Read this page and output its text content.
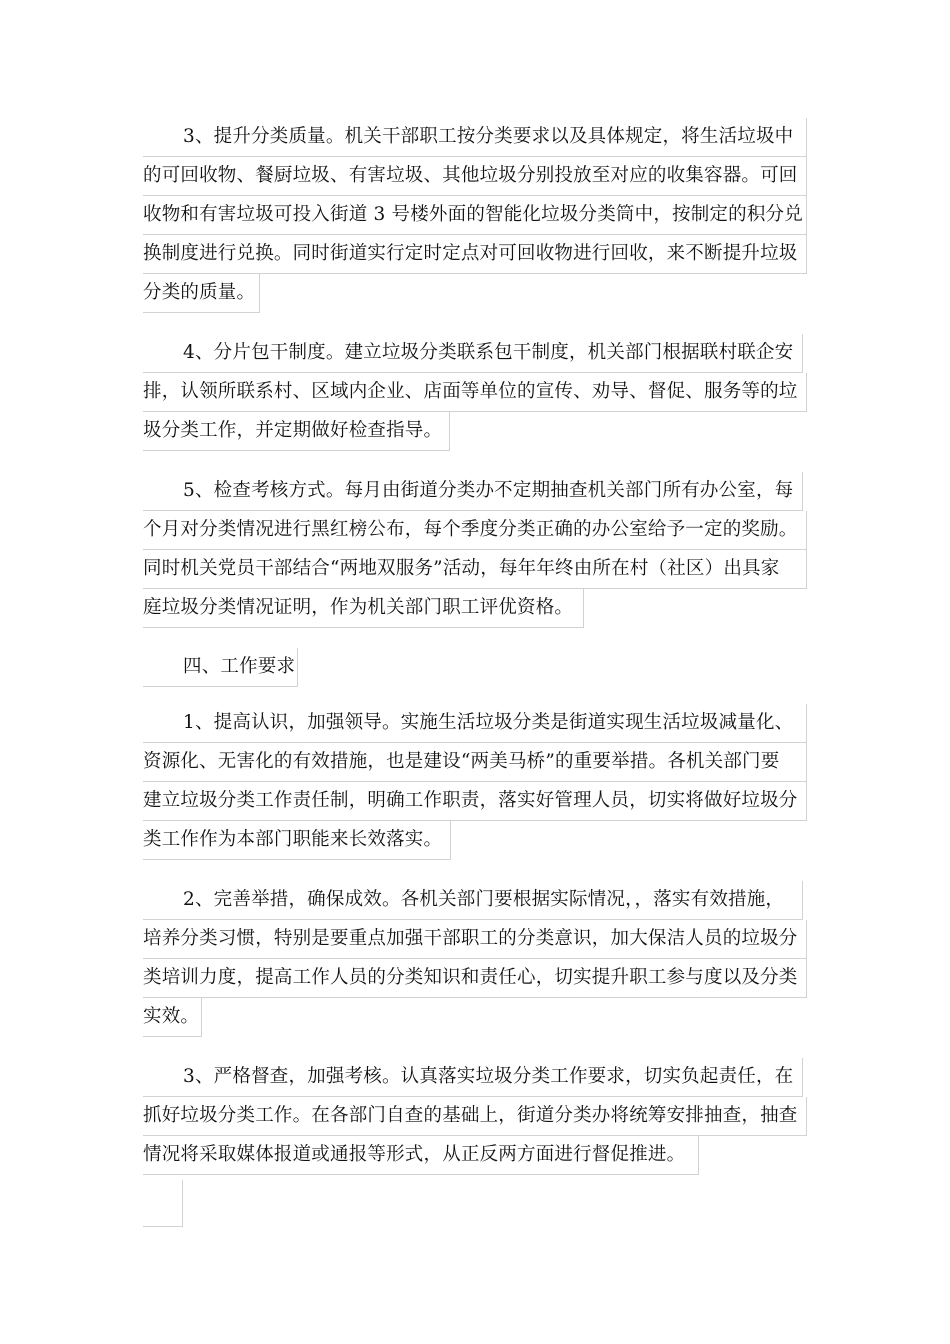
3、提升分类质量。机关干部职工按分类要求以及具体规定，将生活垃圾中
的可回收物、餐厨垃圾、有害垃圾、其他垃圾分别投放至对应的收集容器。可回
收物和有害垃圾可投入街道 3 号楼外面的智能化垃圾分类筒中，按制定的积分兑
换制度进行兑换。同时街道实行定时定点对可回收物进行回收，来不断提升垃圾
分类的质量。
4、分片包干制度。建立垃圾分类联系包干制度，机关部门根据联村联企安
排，认领所联系村、区域内企业、店面等单位的宣传、劝导、督促、服务等的垃
圾分类工作，并定期做好检查指导。
5、检查考核方式。每月由街道分类办不定期抽查机关部门所有办公室，每
个月对分类情况进行黑红榜公布，每个季度分类正确的办公室给予一定的奖励。
同时机关党员干部结合“两地双服务”活动，每年年终由所在村（社区）出具家
庭垃圾分类情况证明，作为机关部门职工评优资格。
四、工作要求
1、提高认识，加强领导。实施生活垃圾分类是街道实现生活垃圾减量化、
资源化、无害化的有效措施，也是建设“两美马桥”的重要举措。各机关部门要
建立垃圾分类工作责任制，明确工作职责，落实好管理人员，切实将做好垃圾分
类工作作为本部门职能来长效落实。
2、完善举措，确保成效。各机关部门要根据实际情况，，落实有效措施，
培养分类习惯，特别是要重点加强干部职工的分类意识，加大保洁人员的垃圾分
类培训力度，提高工作人员的分类知识和责任心，切实提升职工参与度以及分类
实效。
3、严格督查，加强考核。认真落实垃圾分类工作要求，切实负起责任，在
抓好垃圾分类工作。在各部门自查的基础上，街道分类办将统筹安排抽查，抽查
情况将采取媒体报道或通报等形式，从正反两方面进行督促推进。
